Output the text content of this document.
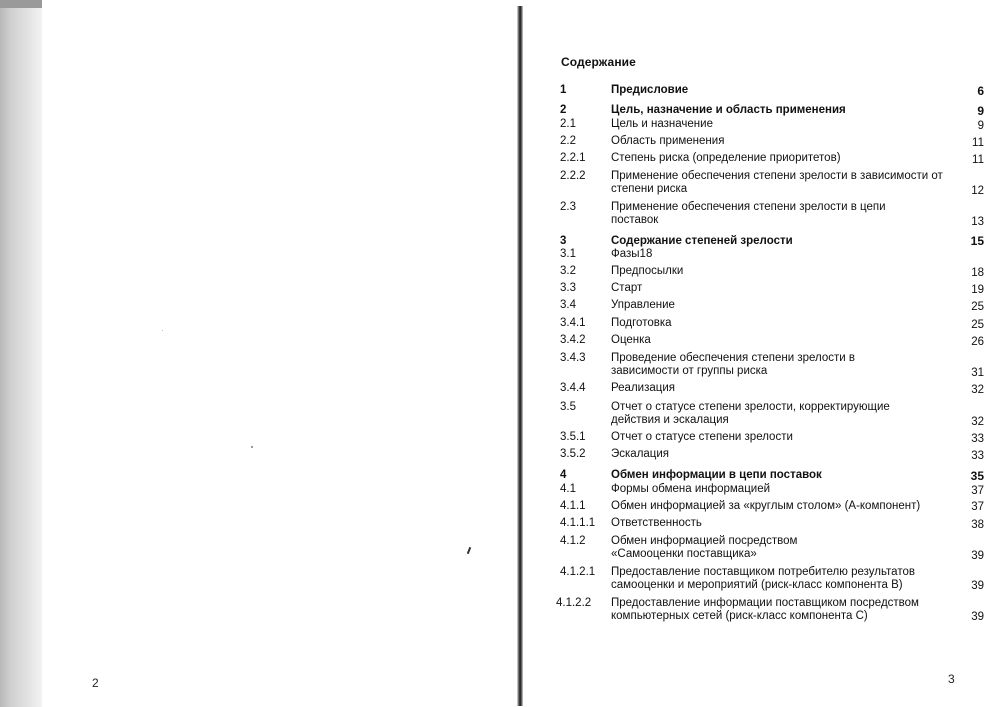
2
Содержание
1	Предисловие	6
2	Цель, назначение и область применения	9
2.1	Цель и назначение	9
2.2	Область применения	11
2.2.1 Степень риска (определение приоритетов)	11
2.2.2 Применение обеспечения степени зрелости в зависимости от степени риска	12
2.3	Применение обеспечения степени зрелости в цепи поставок	13
3	Содержание степеней зрелости	15
3.1	Фазы18
3.2	Предпосылки	18
3.3	Старт	19
3.4	Управление	25
3.4.1 Подготовка	25
3.4.2 Оценка	26
3.4.3 Проведение обеспечения степени зрелости в зависимости от группы риска	31
3.4.4 Реализация	32
3.5	Отчет о статусе степени зрелости, корректирующие действия и эскалация	32
3.5.1 Отчет о статусе степени зрелости	33
3.5.2 Эскалация	33
4	Обмен информации в цепи поставок	35
4.1	Формы обмена информацией	37
4.1.1 Обмен информацией за «круглым столом» (А-компонент)	37
4.1.1.1 Ответственность	38
4.1.2 Обмен информацией посредством «Самооценки поставщика»	39
4.1.2.1 Предоставление поставщиком потребителю результатов самооценки и мероприятий (риск-класс компонента В)	39
4.1.2.2 Предоставление информации поставщиком посредством компьютерных сетей (риск-класс компонента С)	39
3
